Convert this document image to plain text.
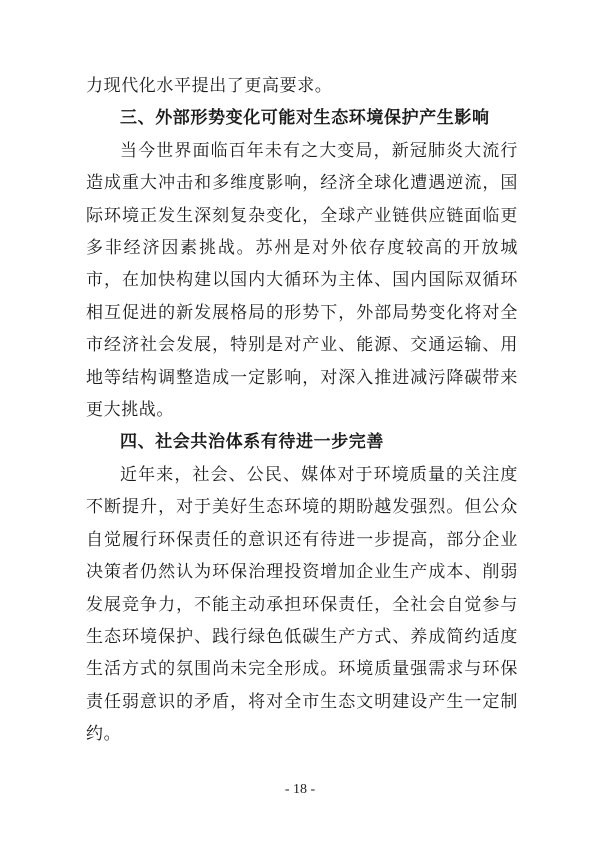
力现代化水平提出了更高要求。

三、外部形势变化可能对生态环境保护产生影响

当今世界面临百年未有之大变局，新冠肺炎大流行造成重大冲击和多维度影响，经济全球化遭遇逆流，国际环境正发生深刻复杂变化，全球产业链供应链面临更多非经济因素挑战。苏州是对外依存度较高的开放城市，在加快构建以国内大循环为主体、国内国际双循环相互促进的新发展格局的形势下，外部局势变化将对全市经济社会发展，特别是对产业、能源、交通运输、用地等结构调整造成一定影响，对深入推进减污降碳带来更大挑战。

四、社会共治体系有待进一步完善

近年来，社会、公民、媒体对于环境质量的关注度不断提升，对于美好生态环境的期盼越发强烈。但公众自觉履行环保责任的意识还有待进一步提高，部分企业决策者仍然认为环保治理投资增加企业生产成本、削弱发展竞争力，不能主动承担环保责任，全社会自觉参与生态环境保护、践行绿色低碳生产方式、养成简约适度生活方式的氛围尚未完全形成。环境质量强需求与环保责任弱意识的矛盾，将对全市生态文明建设产生一定制约。

- 18 -
